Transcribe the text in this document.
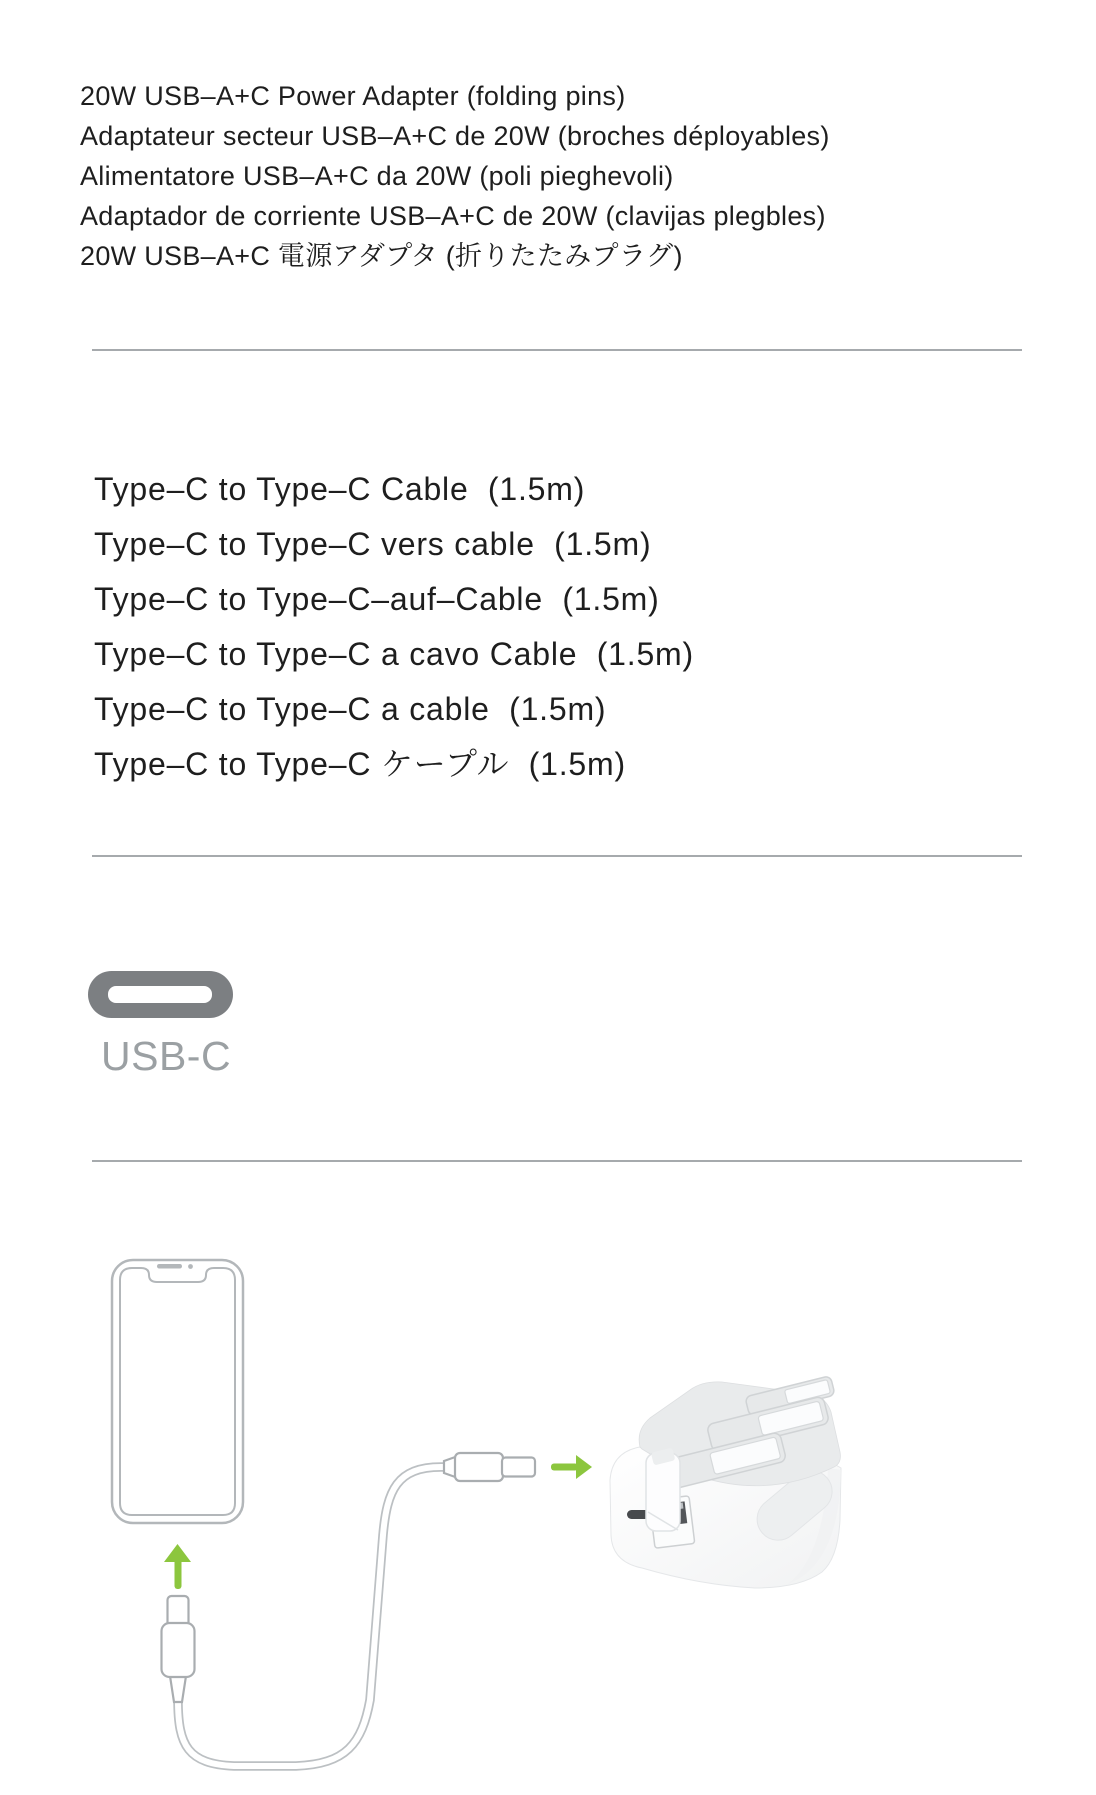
20W USB–A+C Power Adapter (folding pins)
Adaptateur secteur USB–A+C de 20W (broches déployables)
Alimentatore USB–A+C da 20W (poli pieghevoli)
Adaptador de corriente USB–A+C de 20W (clavijas plegbles)
20W USB–A+C 電源アダプタ (折りたたみプラグ)
Type–C to Type–C Cable  (1.5m)
Type–C to Type–C vers cable  (1.5m)
Type–C to Type–C–auf–Cable  (1.5m)
Type–C to Type–C a cavo Cable  (1.5m)
Type–C to Type–C a cable  (1.5m)
Type–C to Type–C ケープル  (1.5m)
USB-C
